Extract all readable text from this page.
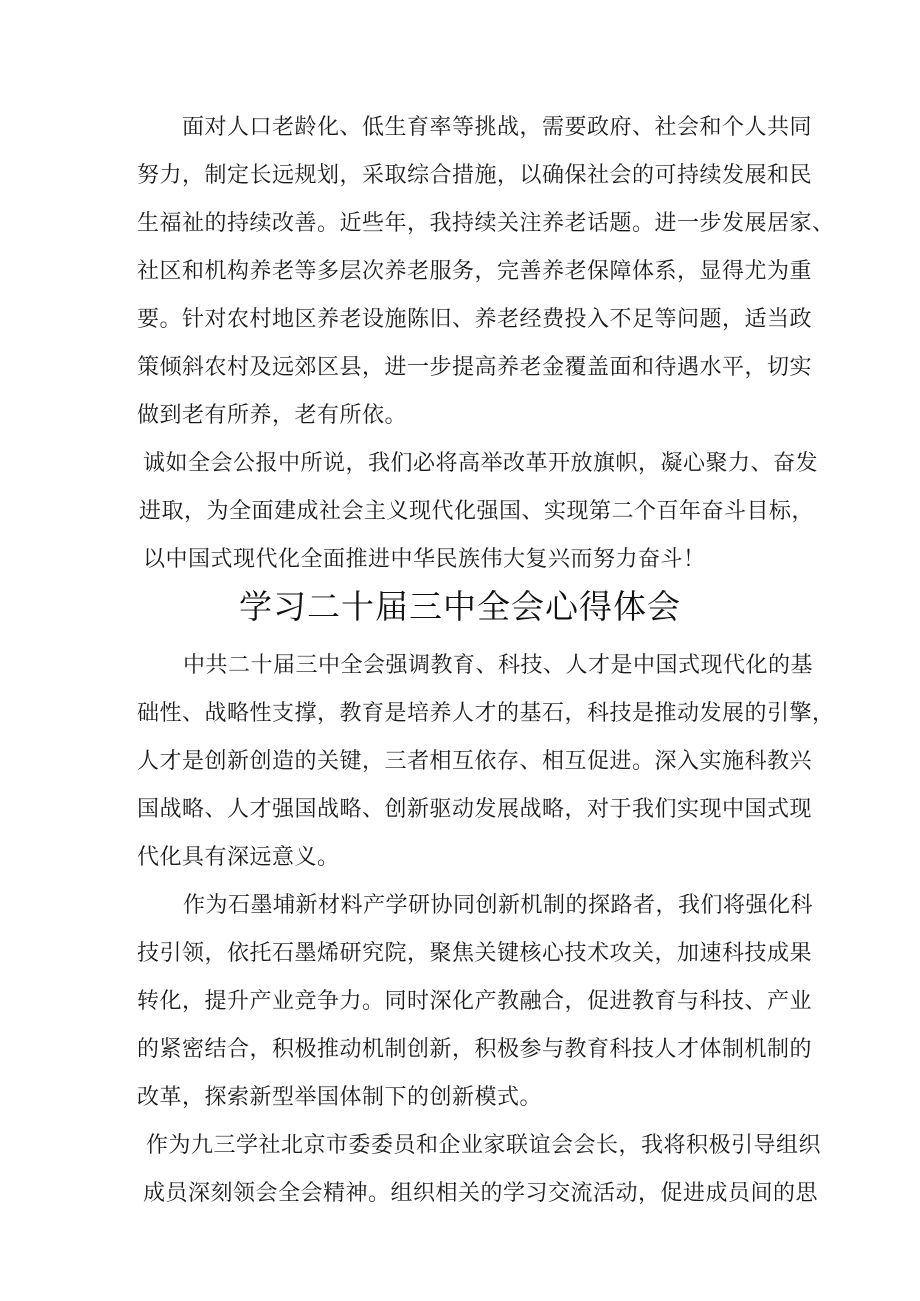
面对人口老龄化、低生育率等挑战，需要政府、社会和个人共同
努力，制定长远规划，采取综合措施，以确保社会的可持续发展和民
生福祉的持续改善。近些年，我持续关注养老话题。进一步发展居家、
社区和机构养老等多层次养老服务，完善养老保障体系，显得尤为重
要。针对农村地区养老设施陈旧、养老经费投入不足等问题，适当政
策倾斜农村及远郊区县，进一步提高养老金覆盖面和待遇水平，切实
做到老有所养，老有所依。
诚如全会公报中所说，我们必将高举改革开放旗帜，凝心聚力、奋发
进取，为全面建成社会主义现代化强国、实现第二个百年奋斗目标，
以中国式现代化全面推进中华民族伟大复兴而努力奋斗！
学习二十届三中全会心得体会
中共二十届三中全会强调教育、科技、人才是中国式现代化的基
础性、战略性支撑，教育是培养人才的基石，科技是推动发展的引擎，
人才是创新创造的关键，三者相互依存、相互促进。深入实施科教兴
国战略、人才强国战略、创新驱动发展战略，对于我们实现中国式现
代化具有深远意义。
作为石墨埔新材料产学研协同创新机制的探路者，我们将强化科
技引领，依托石墨烯研究院，聚焦关键核心技术攻关，加速科技成果
转化，提升产业竞争力。同时深化产教融合，促进教育与科技、产业
的紧密结合，积极推动机制创新，积极参与教育科技人才体制机制的
改革，探索新型举国体制下的创新模式。
作为九三学社北京市委委员和企业家联谊会会长，我将积极引导组织
成员深刻领会全会精神。组织相关的学习交流活动，促进成员间的思
